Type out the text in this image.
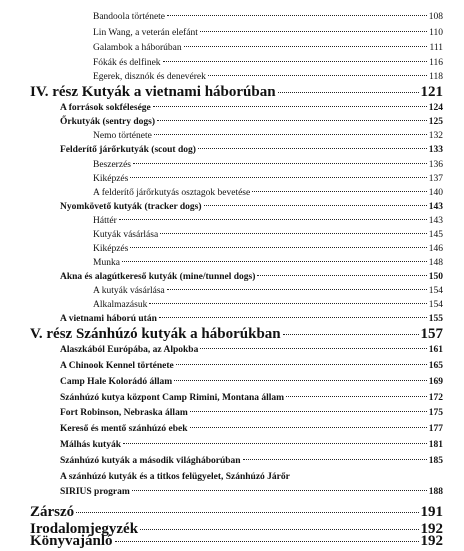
Bandoola története	108
Lin Wang, a veterán elefánt	110
Galambok a háborúban	111
Fókák és delfinek	116
Egerek, disznók és denevérek	118
IV. rész Kutyák a vietnami háborúban	121
A források sokfélesége	124
Őrkutyák (sentry dogs)	125
Nemo története	132
Felderítő járőrkutyák (scout dog)	133
Beszerzés	136
Kiképzés	137
A felderítő járőrkutyás osztagok bevetése	140
Nyomkövető kutyák (tracker dogs)	143
Háttér	143
Kutyák vásárlása	145
Kiképzés	146
Munka	148
Akna és alagútkereső kutyák (mine/tunnel dogs)	150
A kutyák vásárlása	154
Alkalmazásuk	154
A vietnami háború után	155
V. rész Szánhúzó kutyák a háborúkban	157
Alaszkából Európába, az Alpokba	161
A Chinook Kennel története	165
Camp Hale Kolorádó állam	169
Szánhúzó kutya központ Camp Rimini, Montana állam	172
Fort Robinson, Nebraska állam	175
Kereső és mentő szánhúzó ebek	177
Málhás kutyák	181
Szánhúzó kutyák a második világháborúban	185
A szánhúzó kutyák és a titkos felügyelet, Szánhúzó Járőr
SIRIUS program	188
Zárszó	191
Irodalomjegyzék	192
Könyvajánló	192
